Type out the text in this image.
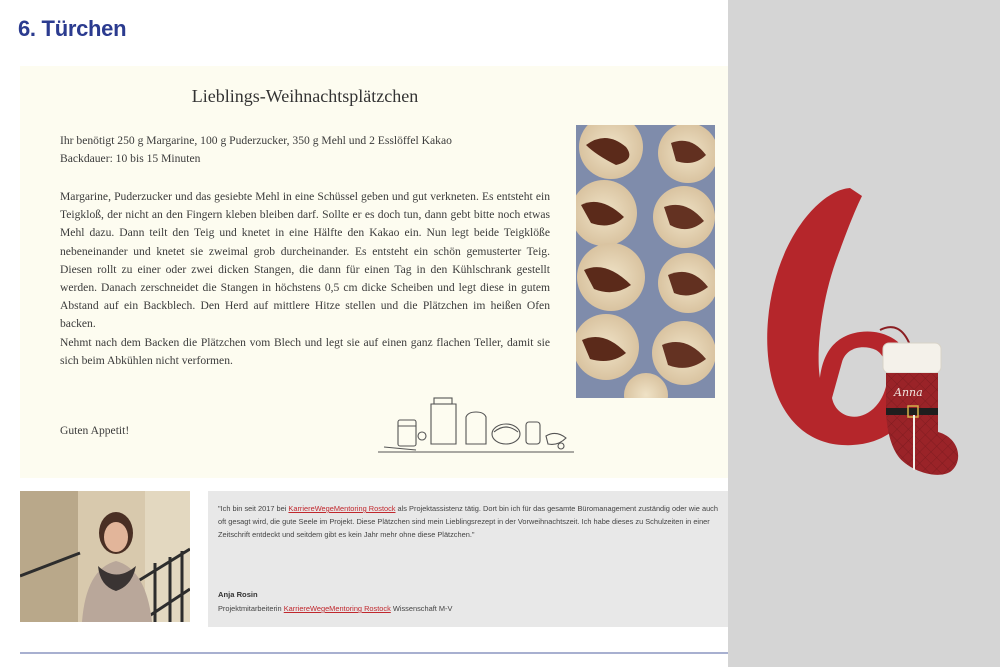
6. Türchen
Lieblings-Weihnachtsplätzchen
Ihr benötigt 250 g Margarine, 100 g Puderzucker, 350 g Mehl und 2 Esslöffel Kakao
Backdauer: 10 bis 15 Minuten
Margarine, Puderzucker und das gesiebte Mehl in eine Schüssel geben und gut verkneten. Es entsteht ein Teigkloß, der nicht an den Fingern kleben bleiben darf. Sollte er es doch tun, dann gebt bitte noch etwas Mehl dazu. Dann teilt den Teig und knetet in eine Hälfte den Kakao ein. Nun legt beide Teigklöße nebeneinander und knetet sie zweimal grob durcheinander. Es entsteht ein schön gemusterter Teig. Diesen rollt zu einer oder zwei dicken Stangen, die dann für einen Tag in den Kühlschrank gestellt werden. Danach zerschneidet die Stangen in höchstens 0,5 cm dicke Scheiben und legt diese in gutem Abstand auf ein Backblech. Den Herd auf mittlere Hitze stellen und die Plätzchen im heißen Ofen backen.
Nehmt nach dem Backen die Plätzchen vom Blech und legt sie auf einen ganz flachen Teller, damit sie sich beim Abkühlen nicht verformen.
Guten Appetit!
"Ich bin seit 2017 bei KarriereWegeMentoring Rostock als Projektassistenz tätig. Dort bin ich für das gesamte Büromanagement zuständig oder wie auch oft gesagt wird, die gute Seele im Projekt. Diese Plätzchen sind mein Lieblingsrezept in der Vorweihnachtszeit. Ich habe dieses zu Schulzeiten in einer Zeitschrift entdeckt und seitdem gibt es kein Jahr mehr ohne diese Plätzchen."
Anja Rosin
Projektmitarbeiterin KarriereWegeMentoring Rostock Wissenschaft M-V
Anna
